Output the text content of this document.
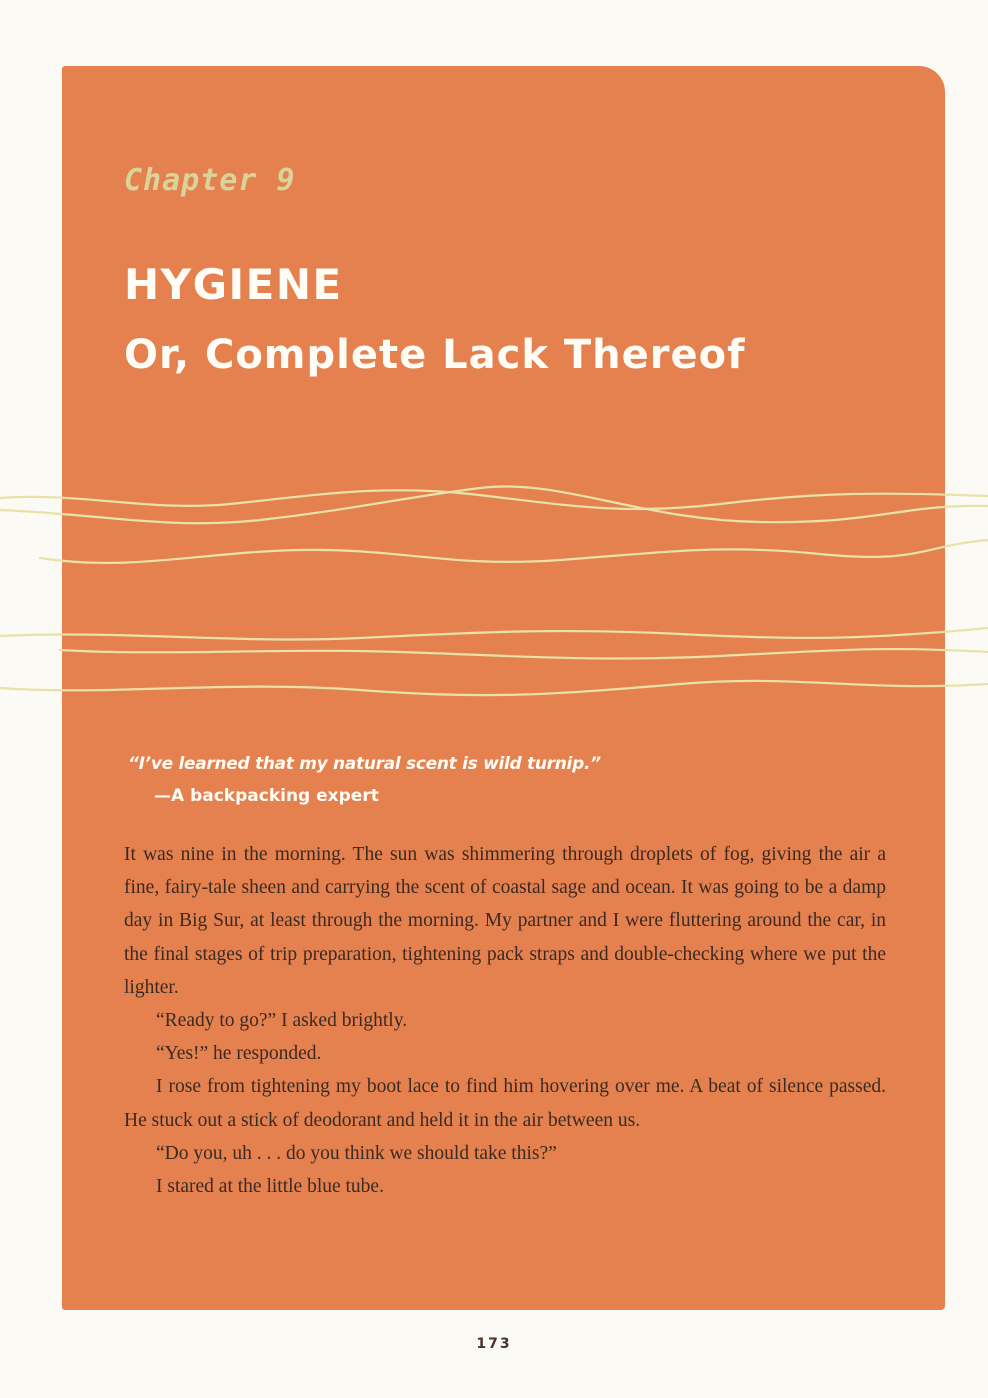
Chapter 9
HYGIENE
Or, Complete Lack Thereof
“I’ve learned that my natural scent is wild turnip.”
—A backpacking expert

It was nine in the morning. The sun was shimmering through droplets of fog, giving the air a fine, fairy-tale sheen and carrying the scent of coastal sage and ocean. It was going to be a damp day in Big Sur, at least through the morning. My partner and I were fluttering around the car, in the final stages of trip preparation, tightening pack straps and double-checking where we put the lighter.

“Ready to go?” I asked brightly.

“Yes!” he responded.

I rose from tightening my boot lace to find him hovering over me. A beat of silence passed. He stuck out a stick of deodorant and held it in the air between us.

“Do you, uh . . . do you think we should take this?”

I stared at the little blue tube.

173
